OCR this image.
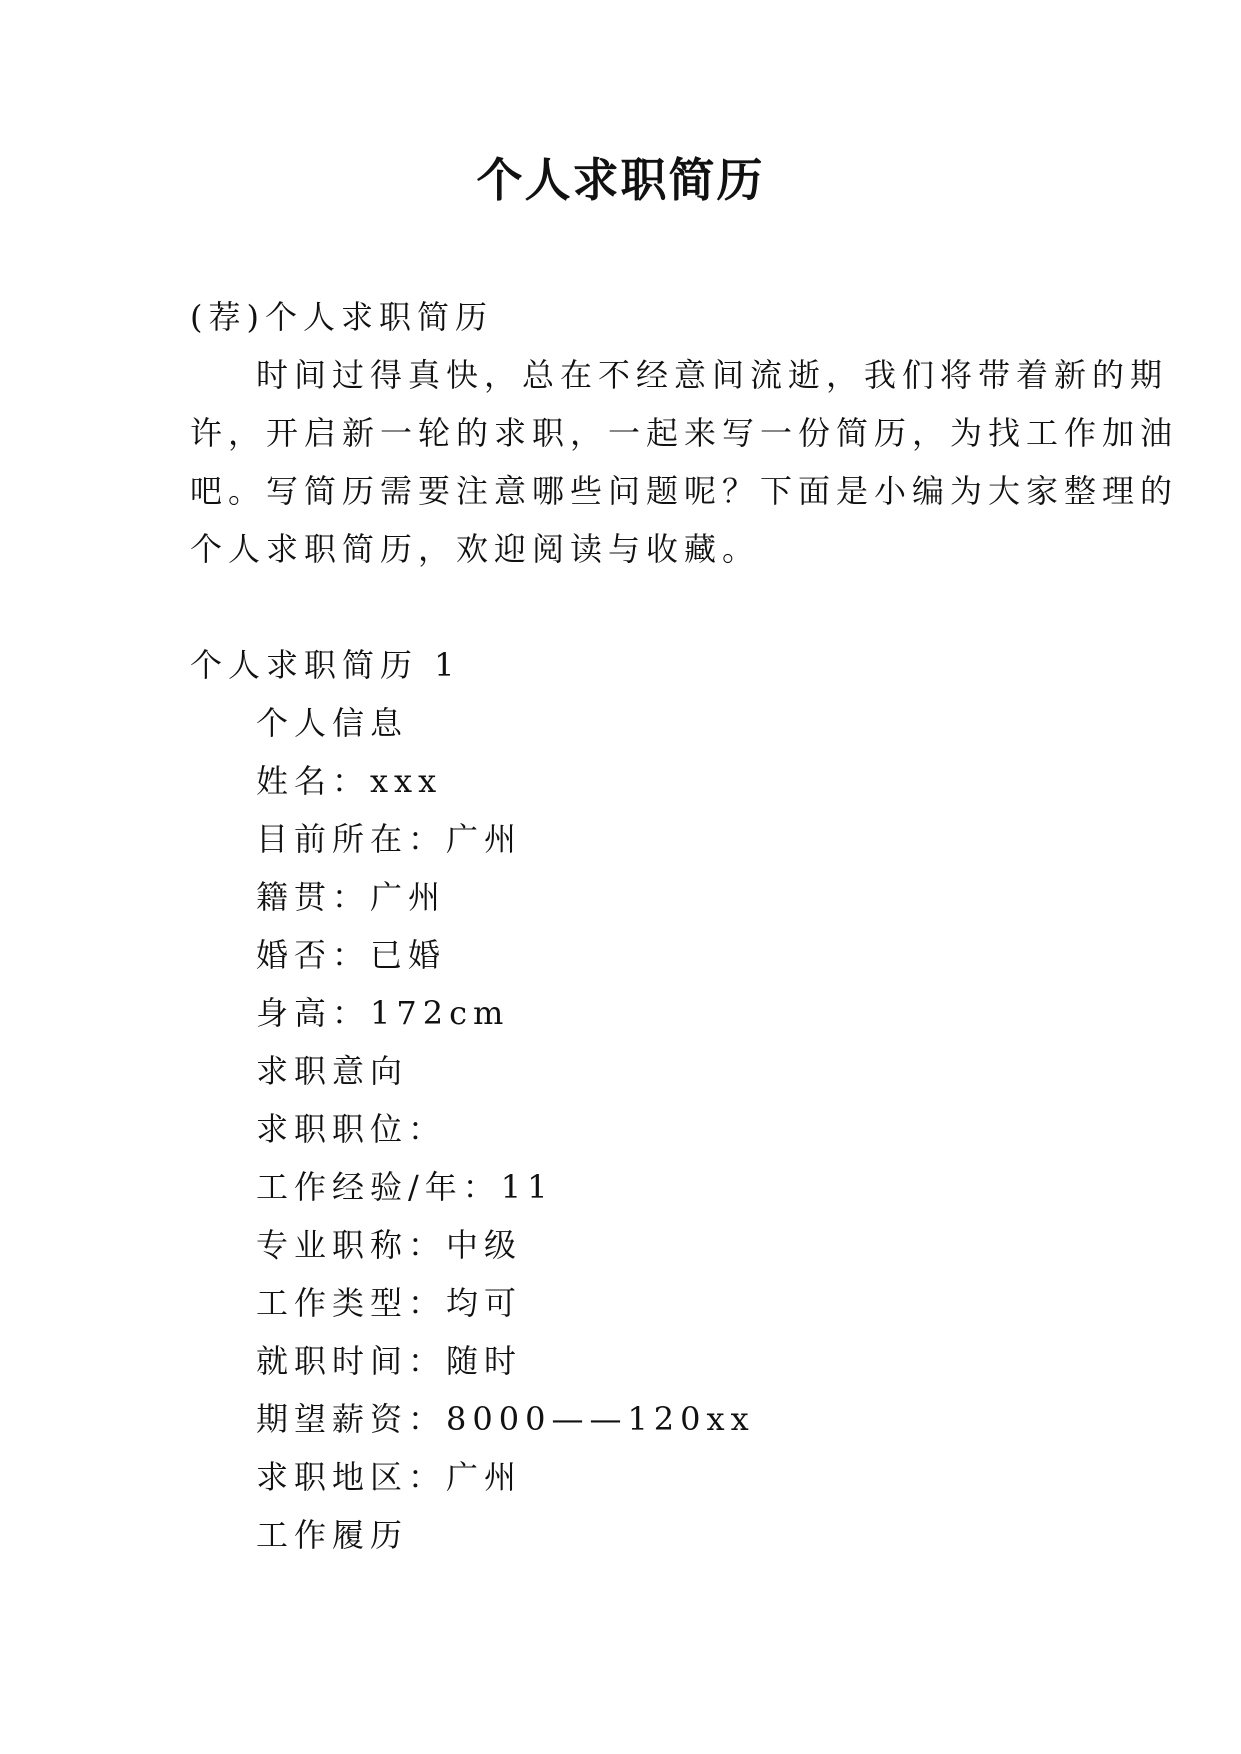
个人求职简历
(荐)个人求职简历
时间过得真快，总在不经意间流逝，我们将带着新的期
许，开启新一轮的求职，一起来写一份简历，为找工作加油
吧。写简历需要注意哪些问题呢？下面是小编为大家整理的
个人求职简历，欢迎阅读与收藏。
个人求职简历 1
个人信息
姓名：xxx
目前所在：广州
籍贯：广州
婚否：已婚
身高：172cm
求职意向
求职职位：
工作经验/年：11
专业职称：中级
工作类型：均可
就职时间：随时
期望薪资：8000——120xx
求职地区：广州
工作履历
